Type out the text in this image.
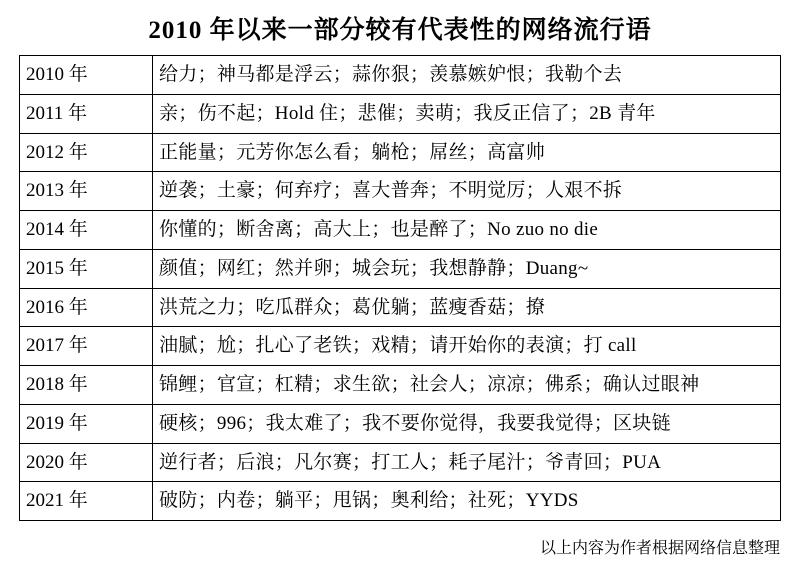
2010 年以来一部分较有代表性的网络流行语
2010 年	给力；神马都是浮云；蒜你狠；羡慕嫉妒恨；我勒个去
2011 年	亲；伤不起；Hold 住；悲催；卖萌；我反正信了；2B 青年
2012 年	正能量；元芳你怎么看；躺枪；屌丝；高富帅
2013 年	逆袭；土豪；何弃疗；喜大普奔；不明觉厉；人艰不拆
2014 年	你懂的；断舍离；高大上；也是醉了；No zuo no die
2015 年	颜值；网红；然并卵；城会玩；我想静静；Duang~
2016 年	洪荒之力；吃瓜群众；葛优躺；蓝瘦香菇；撩
2017 年	油腻；尬；扎心了老铁；戏精；请开始你的表演；打 call
2018 年	锦鲤；官宣；杠精；求生欲；社会人；凉凉；佛系；确认过眼神
2019 年	硬核；996；我太难了；我不要你觉得，我要我觉得；区块链
2020 年	逆行者；后浪；凡尔赛；打工人；耗子尾汁；爷青回；PUA
2021 年	破防；内卷；躺平；甩锅；奥利给；社死；YYDS
以上内容为作者根据网络信息整理
